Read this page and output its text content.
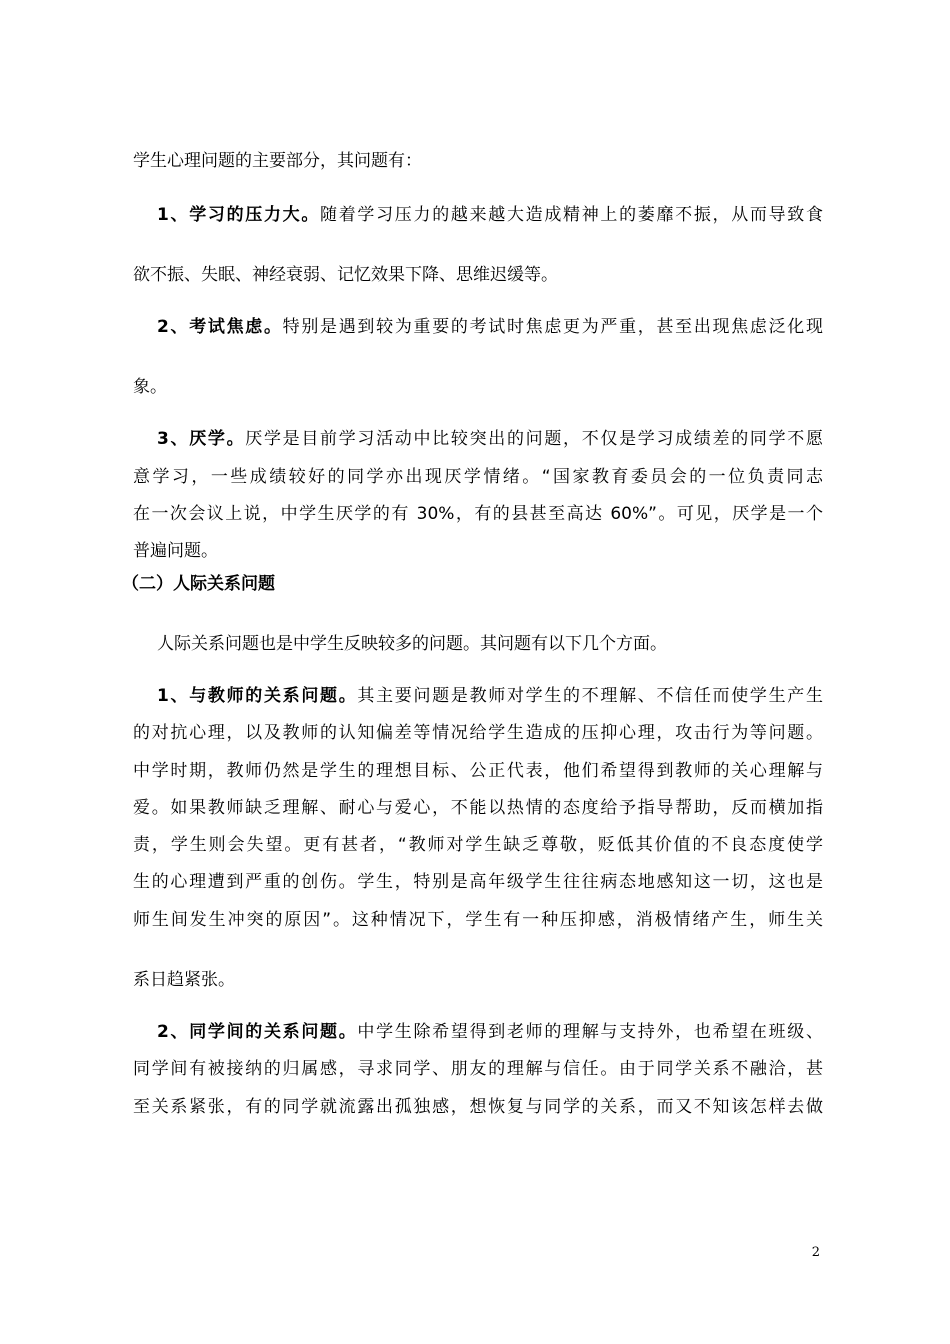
学生心理问题的主要部分，其问题有：
1、学习的压力大。随着学习压力的越来越大造成精神上的萎靡不振，从而导致食
欲不振、失眠、神经衰弱、记忆效果下降、思维迟缓等。
2、考试焦虑。特别是遇到较为重要的考试时焦虑更为严重，甚至出现焦虑泛化现
象。
3、厌学。厌学是目前学习活动中比较突出的问题，不仅是学习成绩差的同学不愿
意学习，一些成绩较好的同学亦出现厌学情绪。“国家教育委员会的一位负责同志
在一次会议上说，中学生厌学的有 30%，有的县甚至高达 60%”。可见，厌学是一个
普遍问题。
（二）人际关系问题
人际关系问题也是中学生反映较多的问题。其问题有以下几个方面。
1、与教师的关系问题。其主要问题是教师对学生的不理解、不信任而使学生产生
的对抗心理，以及教师的认知偏差等情况给学生造成的压抑心理，攻击行为等问题。
中学时期，教师仍然是学生的理想目标、公正代表，他们希望得到教师的关心理解与
爱。如果教师缺乏理解、耐心与爱心，不能以热情的态度给予指导帮助，反而横加指
责，学生则会失望。更有甚者，“教师对学生缺乏尊敬，贬低其价值的不良态度使学
生的心理遭到严重的创伤。学生，特别是高年级学生往往病态地感知这一切，这也是
师生间发生冲突的原因”。这种情况下，学生有一种压抑感，消极情绪产生，师生关
系日趋紧张。
2、同学间的关系问题。中学生除希望得到老师的理解与支持外，也希望在班级、
同学间有被接纳的归属感，寻求同学、朋友的理解与信任。由于同学关系不融洽，甚
至关系紧张，有的同学就流露出孤独感，想恢复与同学的关系，而又不知该怎样去做
2
